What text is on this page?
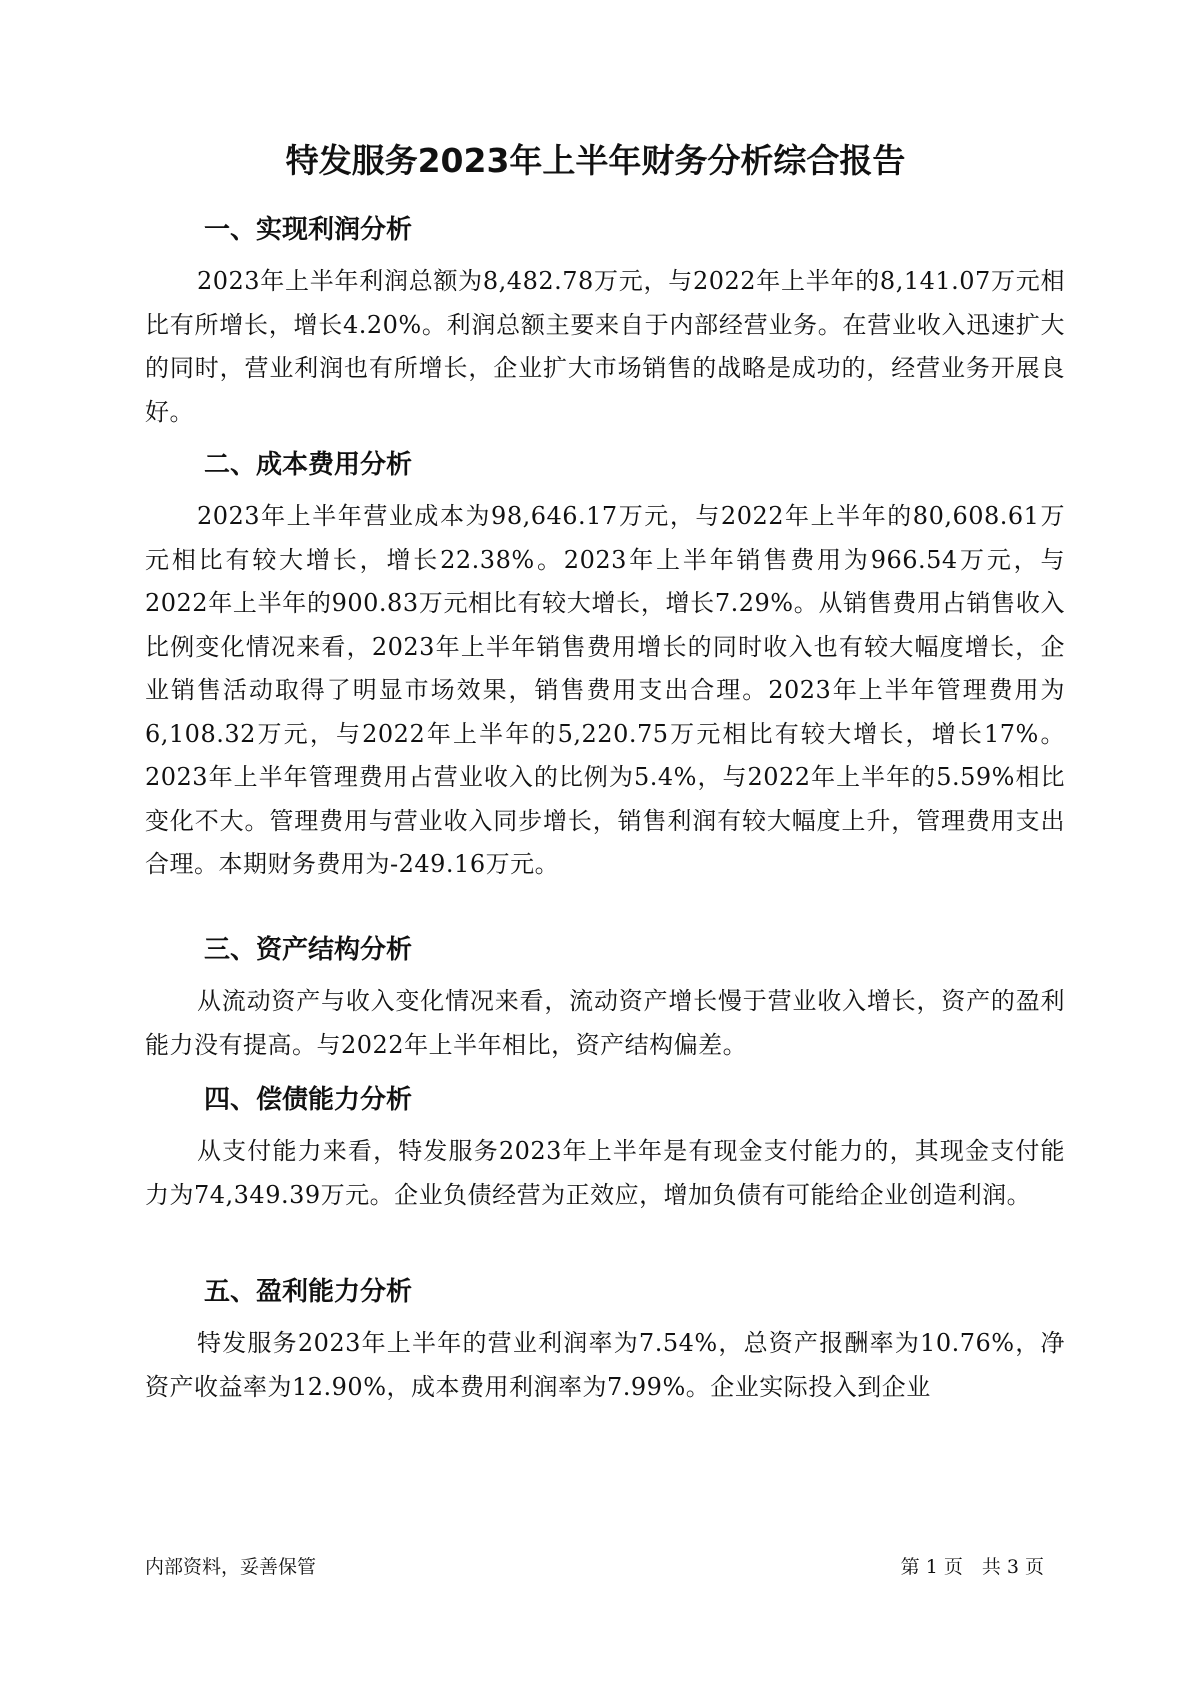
特发服务2023年上半年财务分析综合报告
一、实现利润分析

2023年上半年利润总额为8,482.78万元，与2022年上半年的8,141.07万元相比有所增长，增长4.20%。利润总额主要来自于内部经营业务。在营业收入迅速扩大的同时，营业利润也有所增长，企业扩大市场销售的战略是成功的，经营业务开展良好。

二、成本费用分析

2023年上半年营业成本为98,646.17万元，与2022年上半年的80,608.61万元相比有较大增长，增长22.38%。2023年上半年销售费用为966.54万元，与2022年上半年的900.83万元相比有较大增长，增长7.29%。从销售费用占销售收入比例变化情况来看，2023年上半年销售费用增长的同时收入也有较大幅度增长，企业销售活动取得了明显市场效果，销售费用支出合理。2023年上半年管理费用为6,108.32万元，与2022年上半年的5,220.75万元相比有较大增长，增长17%。2023年上半年管理费用占营业收入的比例为5.4%，与2022年上半年的5.59%相比变化不大。管理费用与营业收入同步增长，销售利润有较大幅度上升，管理费用支出合理。本期财务费用为-249.16万元。

三、资产结构分析

从流动资产与收入变化情况来看，流动资产增长慢于营业收入增长，资产的盈利能力没有提高。与2022年上半年相比，资产结构偏差。

四、偿债能力分析

从支付能力来看，特发服务2023年上半年是有现金支付能力的，其现金支付能力为74,349.39万元。企业负债经营为正效应，增加负债有可能给企业创造利润。

五、盈利能力分析

特发服务2023年上半年的营业利润率为7.54%，总资产报酬率为10.76%，净资产收益率为12.90%，成本费用利润率为7.99%。企业实际投入到企业

内部资料，妥善保管	第 1 页　共 3 页
